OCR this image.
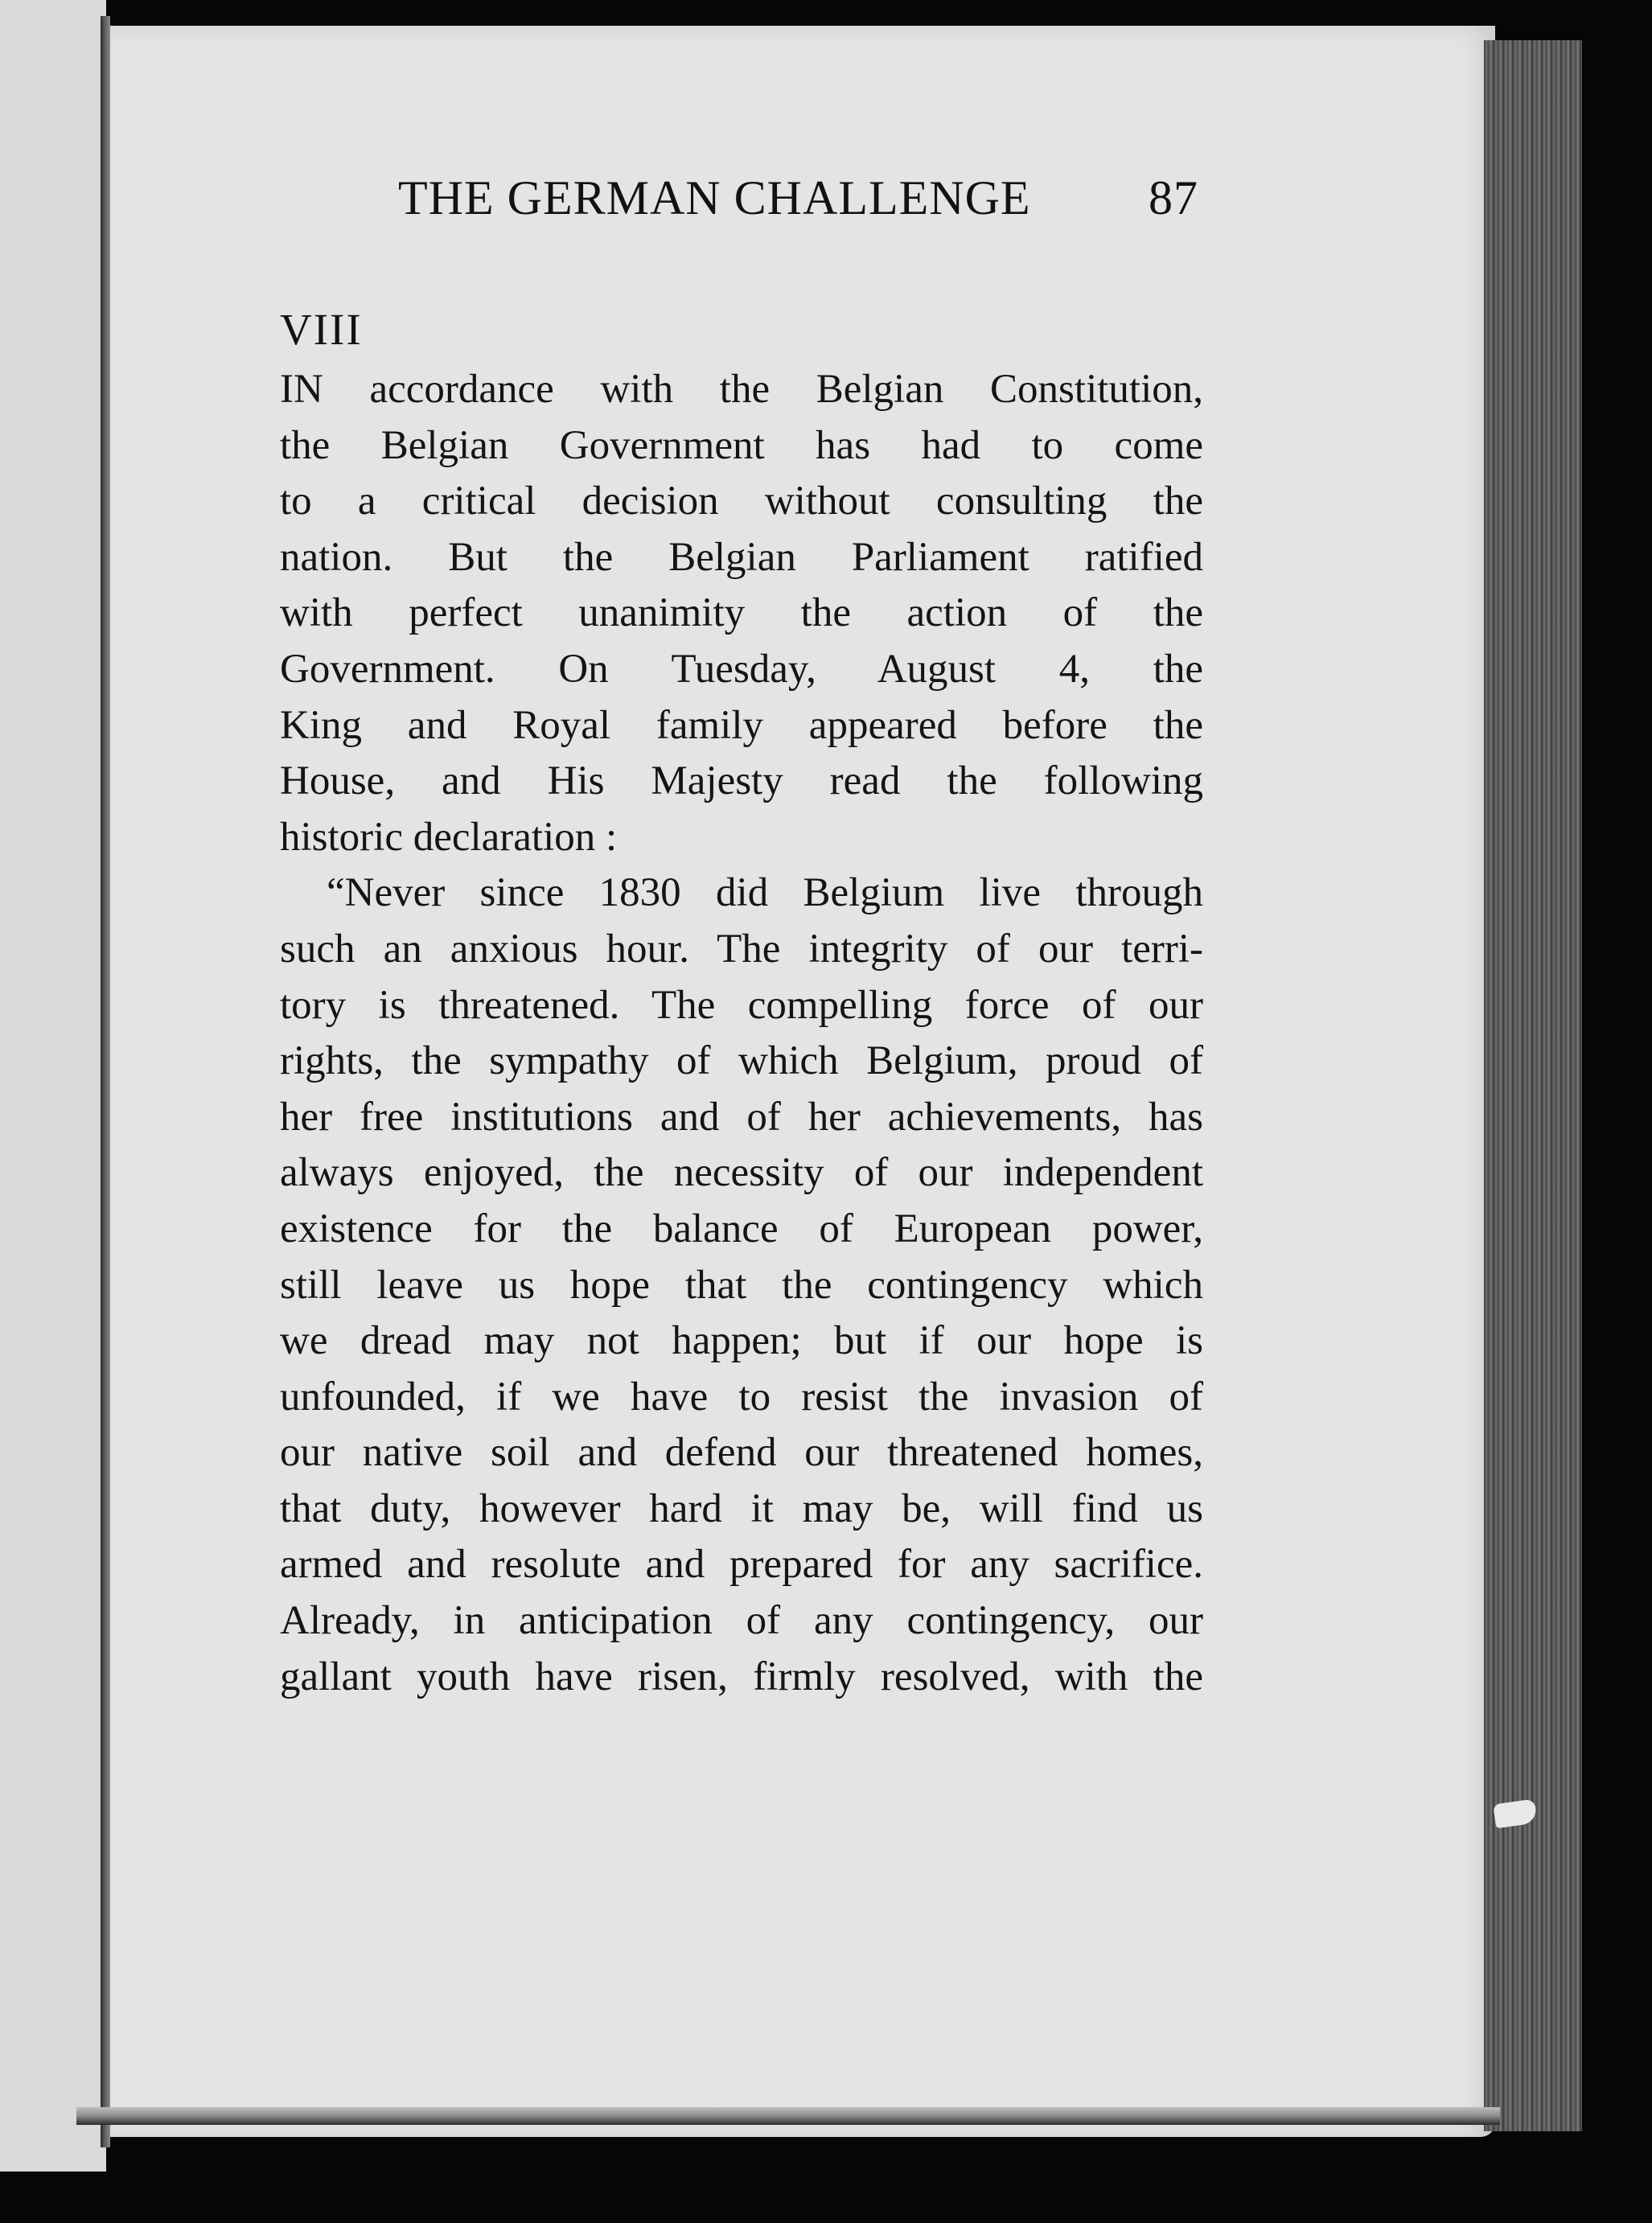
THE GERMAN CHALLENGE 87
VIII
IN accordance with the Belgian Constitution,
the Belgian Government has had to come
to a critical decision without consulting the
nation. But the Belgian Parliament ratified
with perfect unanimity the action of the
Government. On Tuesday, August 4, the
King and Royal family appeared before the
House, and His Majesty read the following
historic declaration :
“Never since 1830 did Belgium live through
such an anxious hour. The integrity of our terri-
tory is threatened. The compelling force of our
rights, the sympathy of which Belgium, proud of
her free institutions and of her achievements, has
always enjoyed, the necessity of our independent
existence for the balance of European power,
still leave us hope that the contingency which
we dread may not happen; but if our hope is
unfounded, if we have to resist the invasion of
our native soil and defend our threatened homes,
that duty, however hard it may be, will find us
armed and resolute and prepared for any sacrifice.
Already, in anticipation of any contingency, our
gallant youth have risen, firmly resolved, with the
